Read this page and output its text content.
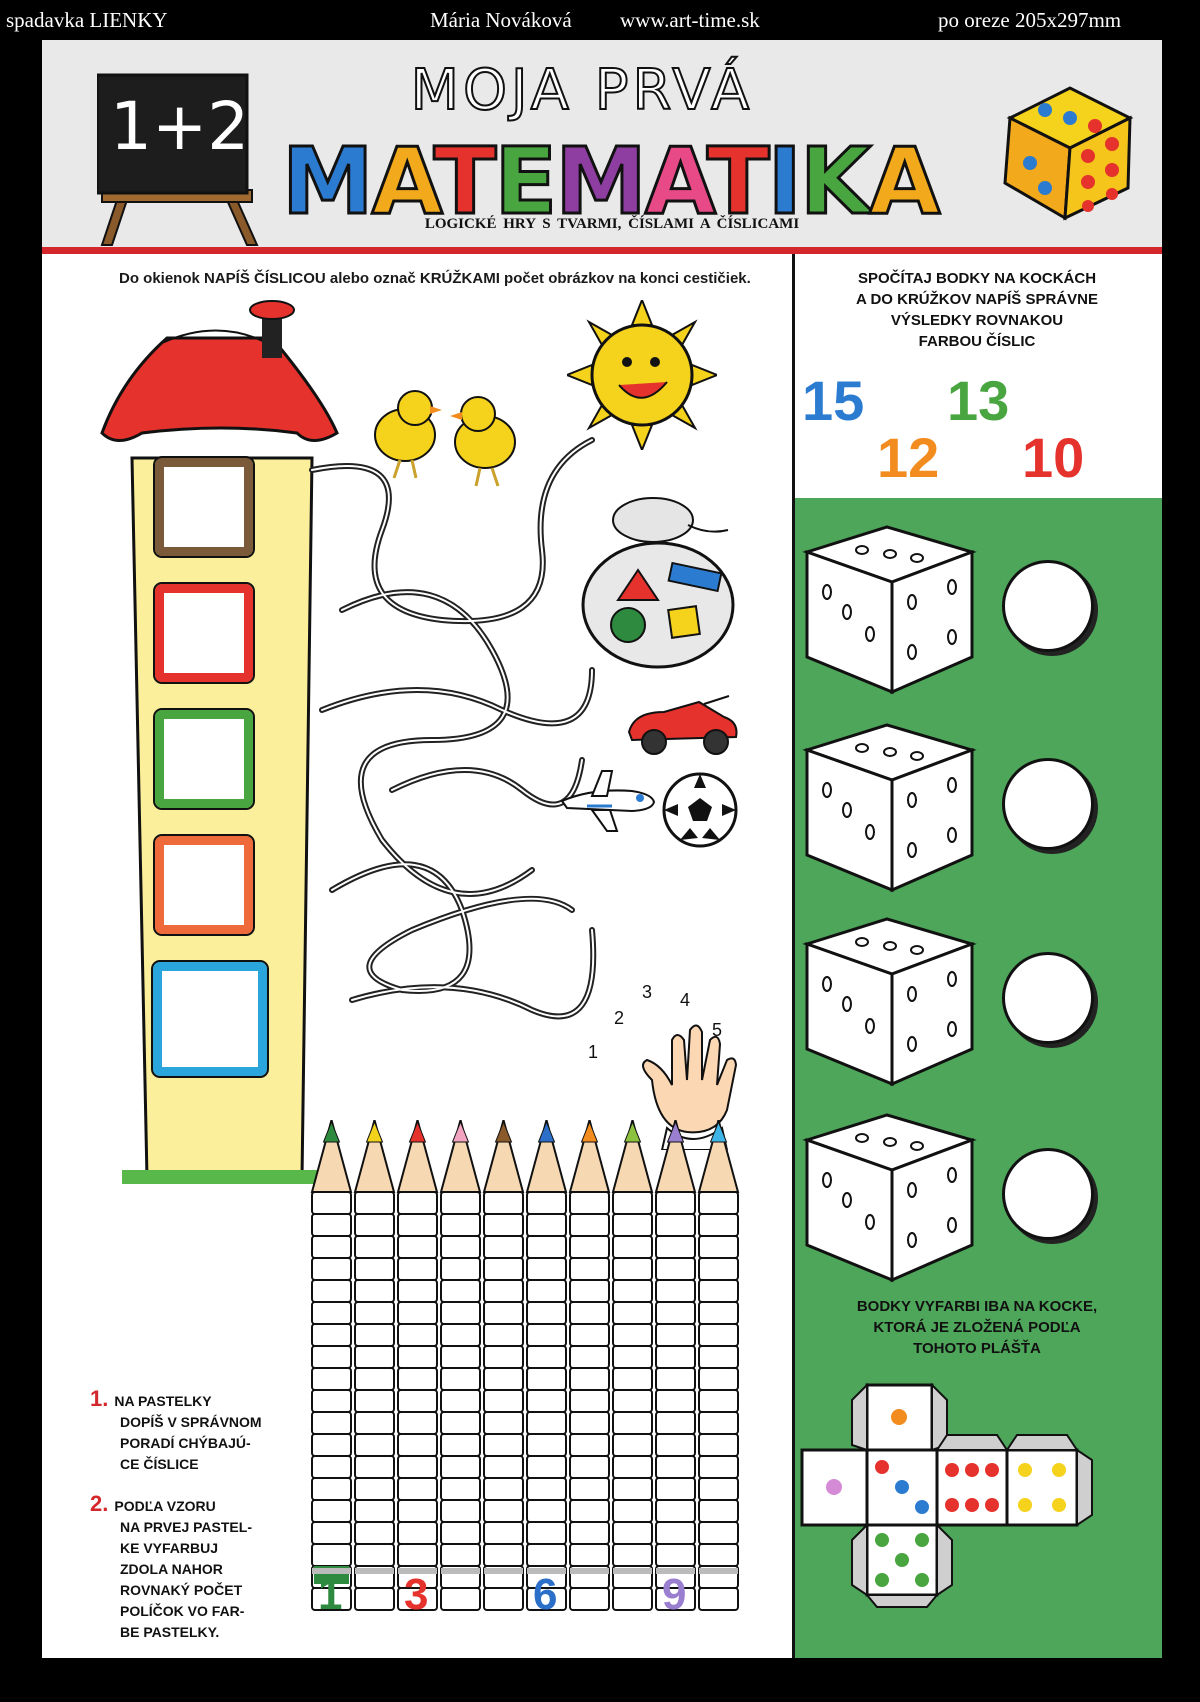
spadavka LIENKY	Mária Nováková www.art-time.sk	po oreze 205x297mm
1+2	MOJA PRVÁ
MATEMATIKA
LOGICKÉ HRY S TVARMI, ČÍSLAMI A ČÍSLICAMI
Do okienok NAPÍŠ ČÍSLICOU alebo označ KRÚŽKAMI počet obrázkov na konci cestičiek.
1
2
3 4
5
SPOČÍTAJ BODKY NA KOCKÁCH
A DO KRÚŽKOV NAPÍŠ SPRÁVNE
VÝSLEDKY ROVNAKOU
FARBOU ČÍSLIC
15 13
12 10
BODKY VYFARBI IBA NA KOCKE,
KTORÁ JE ZLOŽENÁ PODĽA
TOHOTO PLÁŠŤA
1. NA PASTELKY
DOPÍŠ V SPRÁVNOM
PORADÍ CHÝBAJÚ-
CE ČÍSLICE
2. PODĽA VZORU
NA PRVEJ PASTEL-
KE VYFARBUJ
ZDOLA NAHOR
ROVNAKÝ POČET
POLÍČOK VO FAR-
BE PASTELKY.
1 3 6 9
